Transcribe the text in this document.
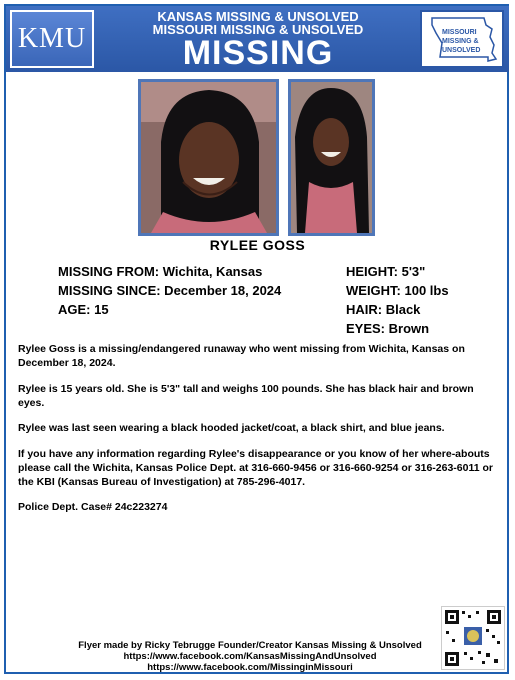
KMU
KANSAS MISSING & UNSOLVED
MISSOURI MISSING & UNSOLVED
MISSING
MISSOURI
MISSING &
UNSOLVED
RYLEE GOSS
MISSING FROM: Wichita, Kansas
MISSING SINCE: December 18, 2024
AGE: 15
HEIGHT: 5'3"
WEIGHT: 100 lbs
HAIR: Black
EYES: Brown
Rylee Goss is a missing/endangered runaway who went missing from Wichita, Kansas on December 18, 2024.
Rylee is 15 years old. She is 5'3" tall and weighs 100 pounds. She has black hair and brown eyes.
Rylee was last seen wearing a black hooded jacket/coat, a black shirt, and blue jeans.
If you have any information regarding Rylee's disappearance or you know of her where-abouts please call the Wichita, Kansas Police Dept. at 316-660-9456 or 316-660-9254 or 316-263-6011 or the KBI (Kansas Bureau of Investigation) at 785-296-4017.
Police Dept. Case# 24c223274
Flyer made by Ricky Tebrugge Founder/Creator Kansas Missing & Unsolved
https://www.facebook.com/KansasMissingAndUnsolved
https://www.facebook.com/MissinginMissouri
